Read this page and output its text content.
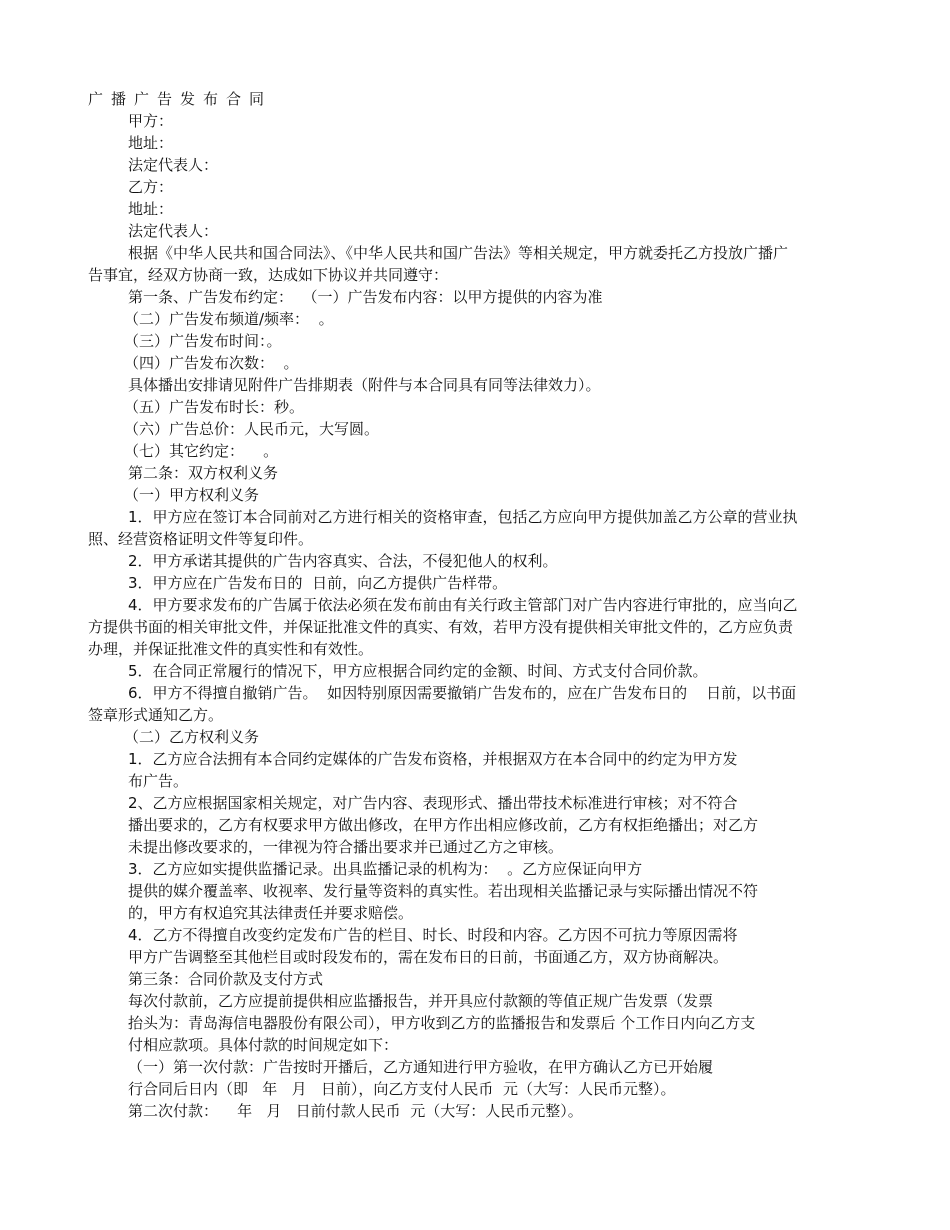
广播广告发布合同
甲方：
地址：
法定代表人：
乙方：
地址：
法定代表人：
根据《中华人民共和国合同法》、《中华人民共和国广告法》等相关规定，甲方就委托乙方投放广播广
告事宜，经双方协商一致，达成如下协议并共同遵守：
第一条、广告发布约定：  （一）广告发布内容：以甲方提供的内容为准
（二）广告发布频道/频率：  。
（三）广告发布时间：。
（四）广告发布次数：  。
具体播出安排请见附件广告排期表（附件与本合同具有同等法律效力）。
（五）广告发布时长：秒。
（六）广告总价：人民币元，大写圆。
（七）其它约定：    。
第二条：双方权利义务
（一）甲方权利义务
1．甲方应在签订本合同前对乙方进行相关的资格审查，包括乙方应向甲方提供加盖乙方公章的营业执
照、经营资格证明文件等复印件。
2．甲方承诺其提供的广告内容真实、合法，不侵犯他人的权利。
3．甲方应在广告发布日的  日前，向乙方提供广告样带。
4．甲方要求发布的广告属于依法必须在发布前由有关行政主管部门对广告内容进行审批的，应当向乙
方提供书面的相关审批文件，并保证批准文件的真实、有效，若甲方没有提供相关审批文件的，乙方应负责
办理，并保证批准文件的真实性和有效性。
5．在合同正常履行的情况下，甲方应根据合同约定的金额、时间、方式支付合同价款。
6．甲方不得擅自撤销广告。  如因特别原因需要撤销广告发布的，应在广告发布日的    日前，以书面
签章形式通知乙方。
（二）乙方权利义务
1．乙方应合法拥有本合同约定媒体的广告发布资格，并根据双方在本合同中的约定为甲方发
布广告。
2、乙方应根据国家相关规定，对广告内容、表现形式、播出带技术标准进行审核；对不符合
播出要求的，乙方有权要求甲方做出修改，在甲方作出相应修改前，乙方有权拒绝播出；对乙方
未提出修改要求的，一律视为符合播出要求并已通过乙方之审核。
3．乙方应如实提供监播记录。出具监播记录的机构为：  。乙方应保证向甲方
提供的媒介覆盖率、收视率、发行量等资料的真实性。若出现相关监播记录与实际播出情况不符
的，甲方有权追究其法律责任并要求赔偿。
4．乙方不得擅自改变约定发布广告的栏目、时长、时段和内容。乙方因不可抗力等原因需将
甲方广告调整至其他栏目或时段发布的，需在发布日的日前，书面通乙方，双方协商解决。
第三条：合同价款及支付方式
每次付款前，乙方应提前提供相应监播报告，并开具应付款额的等值正规广告发票（发票
抬头为：青岛海信电器股份有限公司），甲方收到乙方的监播报告和发票后 个工作日内向乙方支
付相应款项。具体付款的时间规定如下：
（一）第一次付款：广告按时开播后，乙方通知进行甲方验收，在甲方确认乙方已开始履
行合同后日内（即   年   月   日前），向乙方支付人民币  元（大写：人民币元整）。
第二次付款：    年   月   日前付款人民币  元（大写：人民币元整）。
